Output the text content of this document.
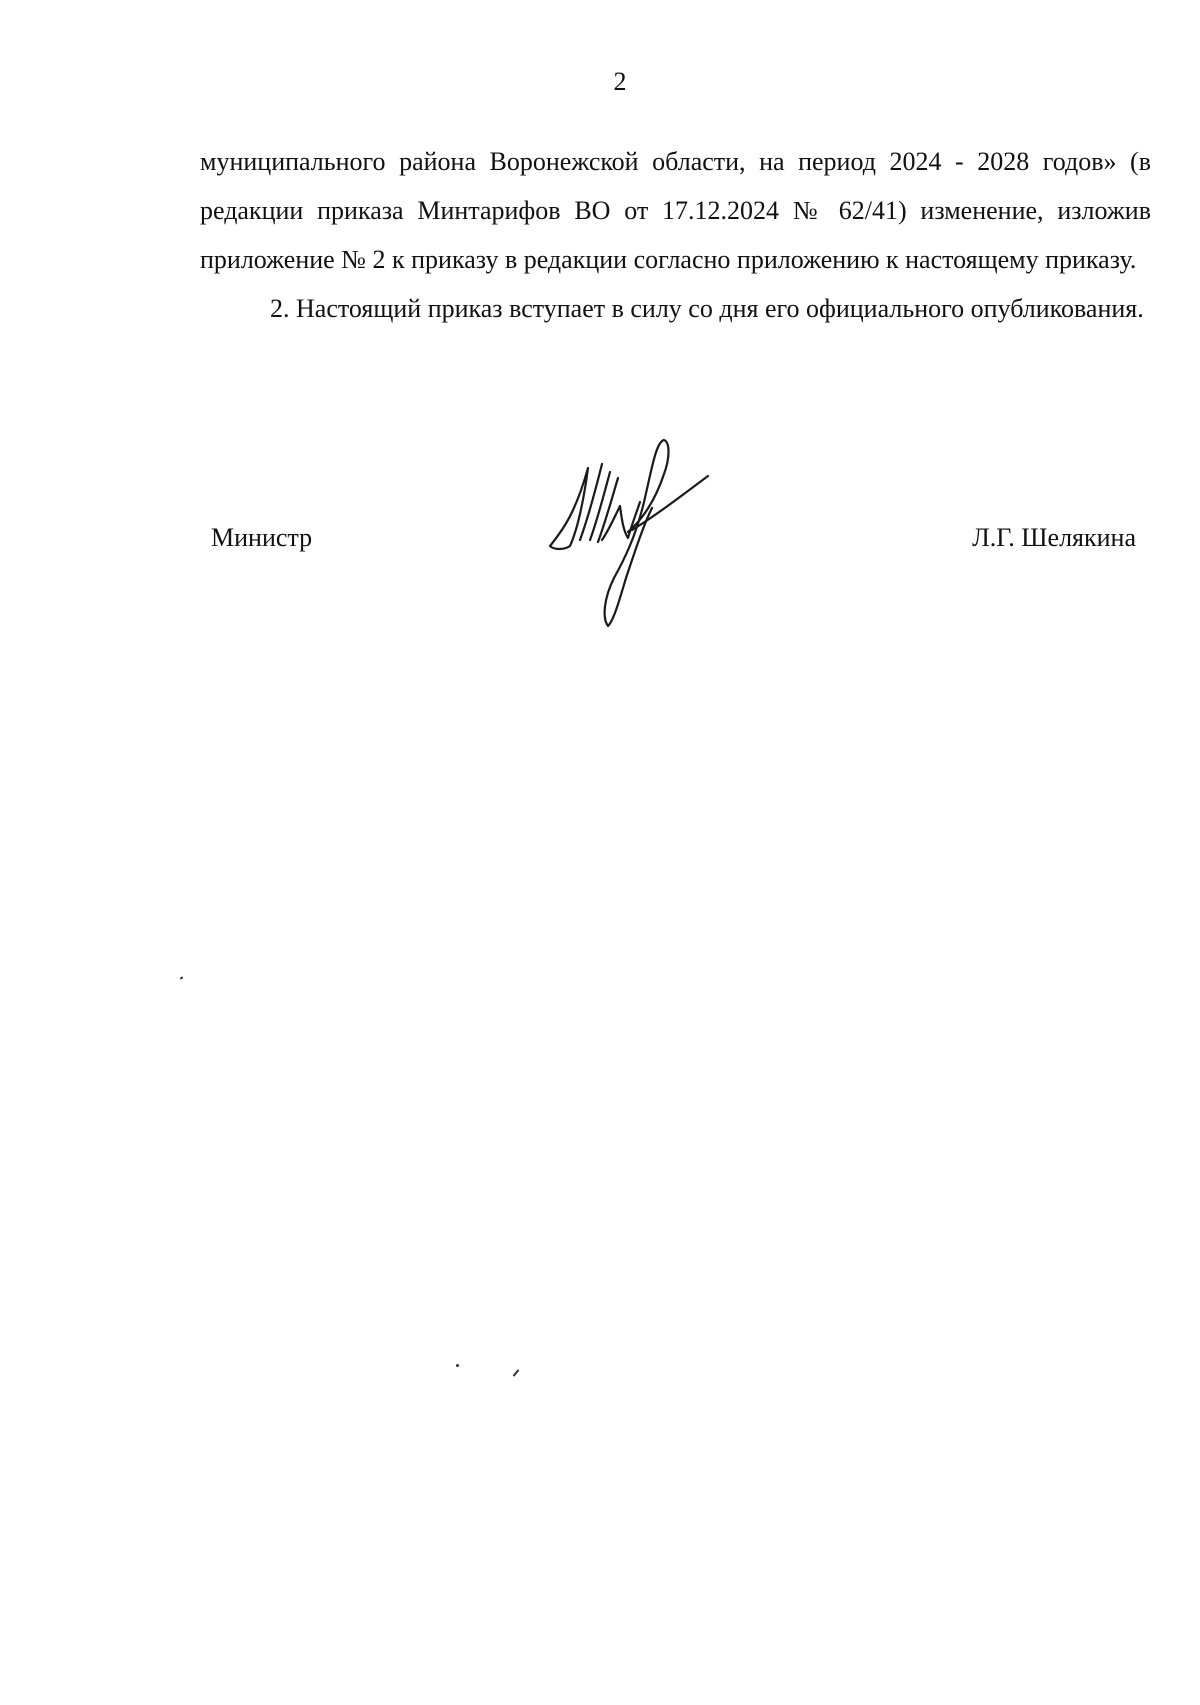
2

муниципального района Воронежской области, на период 2024 - 2028 годов» (в редакции приказа Минтарифов ВО от 17.12.2024 № 62/41) изменение, изложив приложение № 2 к приказу в редакции согласно приложению к настоящему приказу.

2. Настоящий приказ вступает в силу со дня его официального опубликования.

Министр	Л.Г. Шелякина
